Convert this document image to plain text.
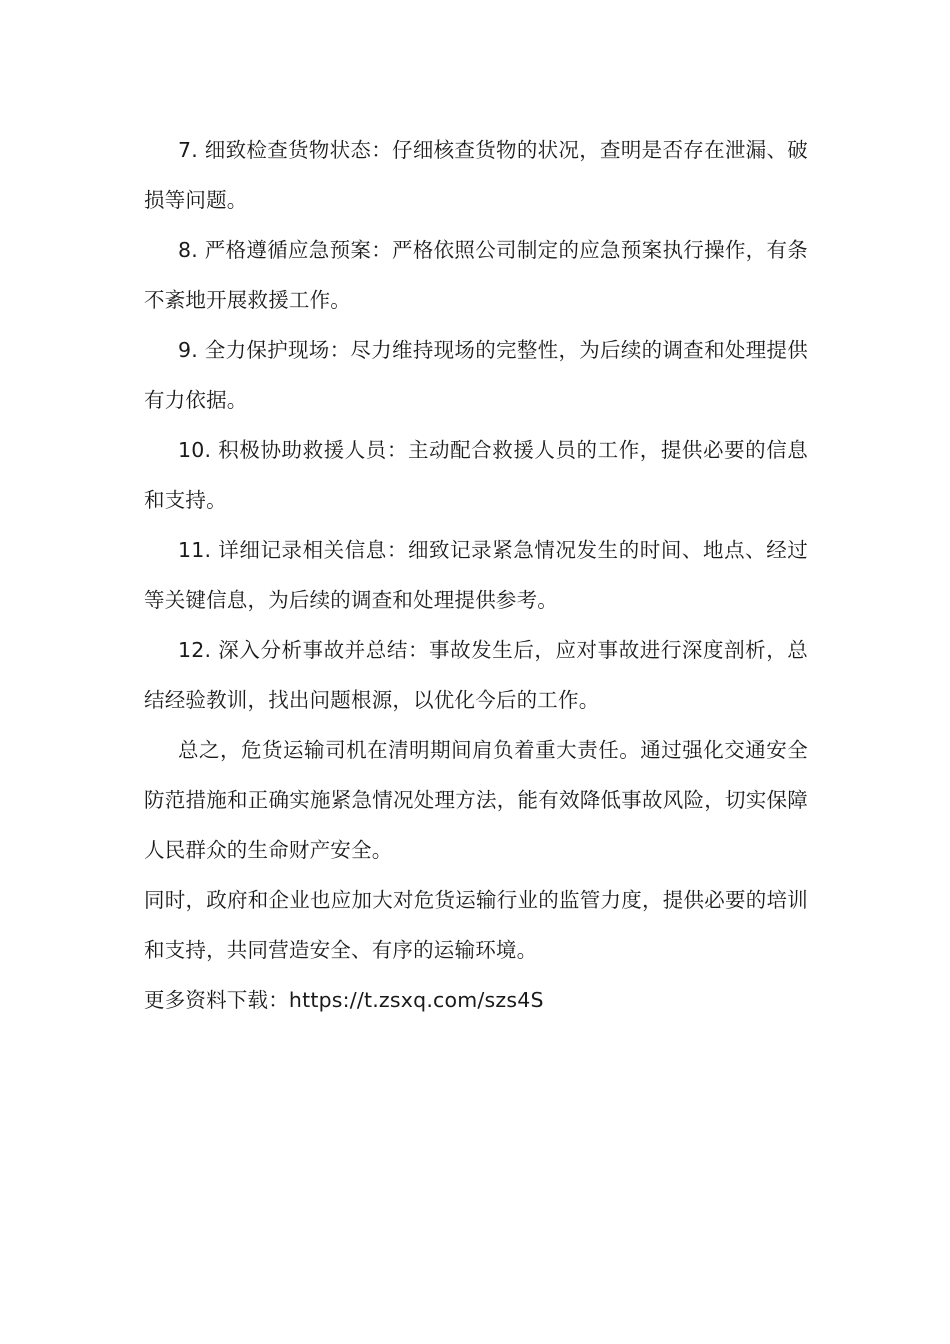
7. 细致检查货物状态：仔细核查货物的状况，查明是否存在泄漏、破损等问题。

8. 严格遵循应急预案：严格依照公司制定的应急预案执行操作，有条不紊地开展救援工作。

9. 全力保护现场：尽力维持现场的完整性，为后续的调查和处理提供有力依据。

10. 积极协助救援人员：主动配合救援人员的工作，提供必要的信息和支持。

11. 详细记录相关信息：细致记录紧急情况发生的时间、地点、经过等关键信息，为后续的调查和处理提供参考。

12. 深入分析事故并总结：事故发生后，应对事故进行深度剖析，总结经验教训，找出问题根源，以优化今后的工作。

总之，危货运输司机在清明期间肩负着重大责任。通过强化交通安全防范措施和正确实施紧急情况处理方法，能有效降低事故风险，切实保障人民群众的生命财产安全。

同时，政府和企业也应加大对危货运输行业的监管力度，提供必要的培训和支持，共同营造安全、有序的运输环境。

更多资料下载：https://t.zsxq.com/szs4S
